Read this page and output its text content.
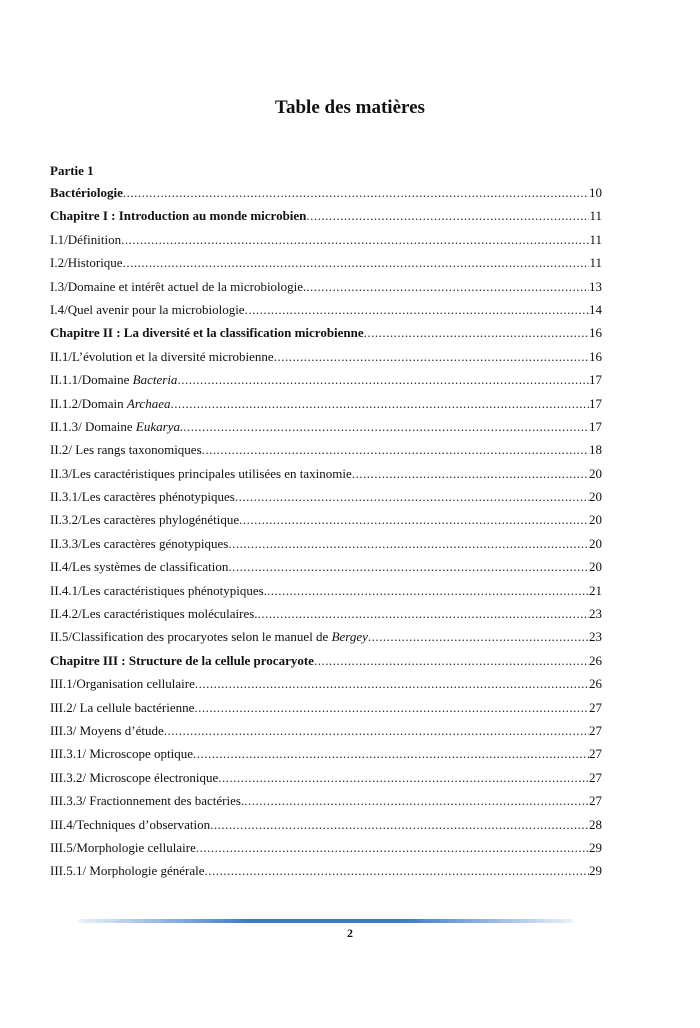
Table des matières
Partie 1
Bactériologie .....	10
Chapitre I : Introduction au monde microbien .....	11
I.1/Définition .....	11
I.2/Historique .....	11
I.3/Domaine et intérêt actuel de la microbiologie. .....	13
I.4/Quel avenir pour la microbiologie .....	14
Chapitre II : La diversité et la classification microbienne .....	16
II.1/L’évolution et la diversité microbienne .....	16
II.1.1/Domaine Bacteria .....	17
II.1.2/Domain Archaea .....	17
II.1.3/ Domaine Eukarya. .....	17
II.2/ Les rangs taxonomiques .....	18
II.3/Les caractéristiques principales utilisées en taxinomie .....	20
II.3.1/Les caractères phénotypiques .....	20
II.3.2/Les caractères phylogénétique .....	20
II.3.3/Les caractères génotypiques .....	20
II.4/Les systèmes de classification .....	20
II.4.1/Les caractéristiques phénotypiques. .....	21
II.4.2/Les caractéristiques moléculaires. .....	23
II.5/Classification des procaryotes selon le manuel de Bergey .....	23
Chapitre III : Structure de la cellule procaryote .....	26
III.1/Organisation cellulaire .....	26
III.2/ La cellule bactérienne .....	27
III.3/ Moyens d’étude .....	27
III.3.1/ Microscope optique .....	27
III.3.2/ Microscope électronique .....	27
III.3.3/ Fractionnement des bactéries. .....	27
III.4/Techniques d’observation .....	28
III.5/Morphologie cellulaire .....	29
III.5.1/ Morphologie générale .....	29
2
